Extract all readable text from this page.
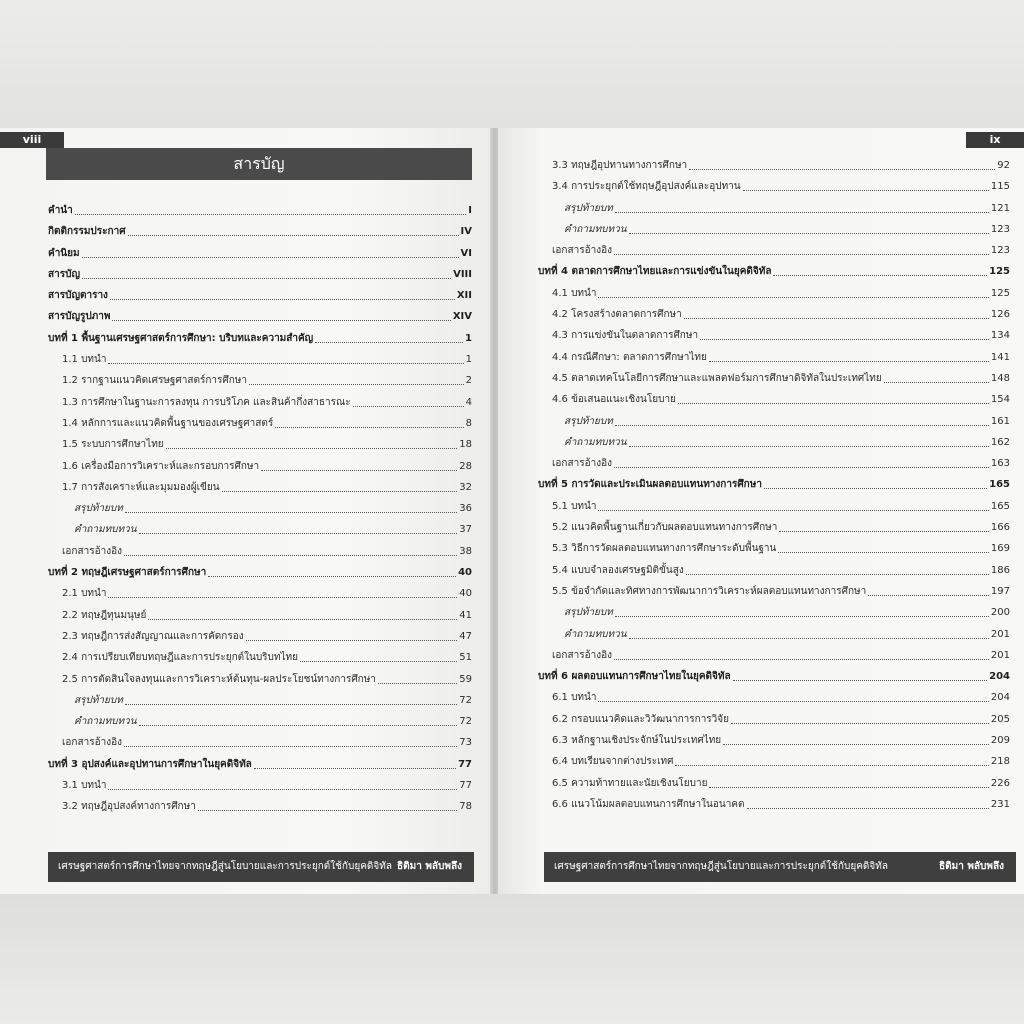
viii
สารบัญ
คำนำ	I
กิตติกรรมประกาศ	IV
คำนิยม	VI
สารบัญ	VIII
สารบัญตาราง	XII
สารบัญรูปภาพ	XIV
บทที่ 1 พื้นฐานเศรษฐศาสตร์การศึกษา: บริบทและความสำคัญ	1
1.1 บทนำ	1
1.2 รากฐานแนวคิดเศรษฐศาสตร์การศึกษา	2
1.3 การศึกษาในฐานะการลงทุน การบริโภค และสินค้ากึ่งสาธารณะ	4
1.4 หลักการและแนวคิดพื้นฐานของเศรษฐศาสตร์	8
1.5 ระบบการศึกษาไทย	18
1.6 เครื่องมือการวิเคราะห์และกรอบการศึกษา	28
1.7 การสังเคราะห์และมุมมองผู้เขียน	32
สรุปท้ายบท	36
คำถามทบทวน	37
เอกสารอ้างอิง	38
บทที่ 2 ทฤษฎีเศรษฐศาสตร์การศึกษา	40
2.1 บทนำ	40
2.2 ทฤษฎีทุนมนุษย์	41
2.3 ทฤษฎีการส่งสัญญาณและการคัดกรอง	47
2.4 การเปรียบเทียบทฤษฎีและการประยุกต์ในบริบทไทย	51
2.5 การตัดสินใจลงทุนและการวิเคราะห์ต้นทุน-ผลประโยชน์ทางการศึกษา	59
สรุปท้ายบท	72
คำถามทบทวน	72
เอกสารอ้างอิง	73
บทที่ 3 อุปสงค์และอุปทานการศึกษาในยุคดิจิทัล	77
3.1 บทนำ	77
3.2 ทฤษฎีอุปสงค์ทางการศึกษา	78
เศรษฐศาสตร์การศึกษาไทยจากทฤษฎีสู่นโยบายและการประยุกต์ใช้กับยุคดิจิทัล ธิติมา พลับพลึง
ix
3.3 ทฤษฎีอุปทานทางการศึกษา	92
3.4 การประยุกต์ใช้ทฤษฎีอุปสงค์และอุปทาน	115
สรุปท้ายบท	121
คำถามทบทวน	123
เอกสารอ้างอิง	123
บทที่ 4 ตลาดการศึกษาไทยและการแข่งขันในยุคดิจิทัล	125
4.1 บทนำ	125
4.2 โครงสร้างตลาดการศึกษา	126
4.3 การแข่งขันในตลาดการศึกษา	134
4.4 กรณีศึกษา: ตลาดการศึกษาไทย	141
4.5 ตลาดเทคโนโลยีการศึกษาและแพลตฟอร์มการศึกษาดิจิทัลในประเทศไทย	148
4.6 ข้อเสนอแนะเชิงนโยบาย	154
สรุปท้ายบท	161
คำถามทบทวน	162
เอกสารอ้างอิง	163
บทที่ 5 การวัดและประเมินผลตอบแทนทางการศึกษา	165
5.1 บทนำ	165
5.2 แนวคิดพื้นฐานเกี่ยวกับผลตอบแทนทางการศึกษา	166
5.3 วิธีการวัดผลตอบแทนทางการศึกษาระดับพื้นฐาน	169
5.4 แบบจำลองเศรษฐมิติขั้นสูง	186
5.5 ข้อจำกัดและทิศทางการพัฒนาการวิเคราะห์ผลตอบแทนทางการศึกษา	197
สรุปท้ายบท	200
คำถามทบทวน	201
เอกสารอ้างอิง	201
บทที่ 6 ผลตอบแทนการศึกษาไทยในยุคดิจิทัล	204
6.1 บทนำ	204
6.2 กรอบแนวคิดและวิวัฒนาการการวิจัย	205
6.3 หลักฐานเชิงประจักษ์ในประเทศไทย	209
6.4 บทเรียนจากต่างประเทศ	218
6.5 ความท้าทายและนัยเชิงนโยบาย	226
6.6 แนวโน้มผลตอบแทนการศึกษาในอนาคต	231
เศรษฐศาสตร์การศึกษาไทยจากทฤษฎีสู่นโยบายและการประยุกต์ใช้กับยุคดิจิทัล	ธิติมา พลับพลึง
